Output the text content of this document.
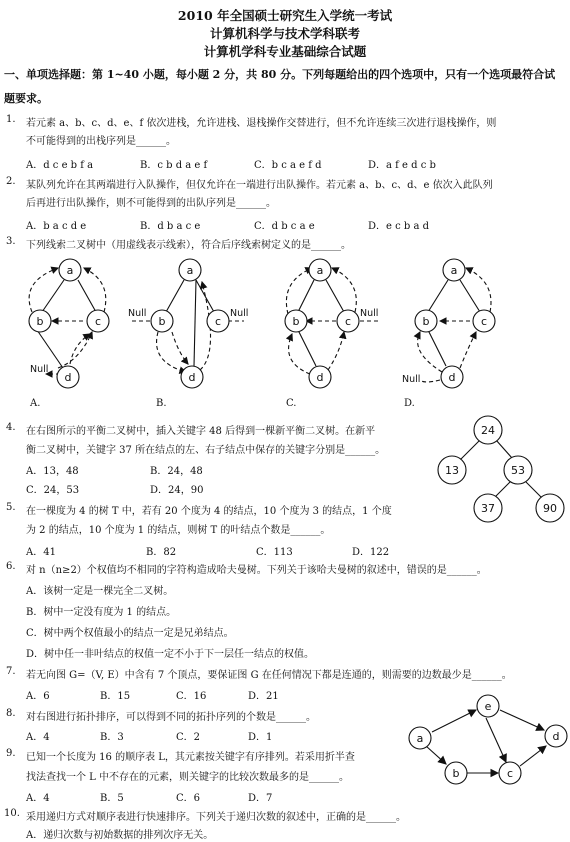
2010 年全国硕士研究生入学统一考试
计算机科学与技术学科联考
计算机学科专业基础综合试题
一、单项选择题：第 1~40 小题，每小题 2 分，共 80 分。下列每题给出的四个选项中，只有一个选项最符合试
题要求。
1. 若元素 a、b、c、d、e、f 依次进栈，允许进栈、退栈操作交替进行，但不允许连续三次进行退栈操作，则
不可能得到的出栈序列是______。
A．d c e b f a	B．c b d a e f	C．b c a e f d	D．a f e d c b
2. 某队列允许在其两端进行入队操作，但仅允许在一端进行出队操作。若元素 a、b、c、d、e 依次入此队列
后再进行出队操作，则不可能得到的出队序列是______。
A．b a c d e	B．d b a c e	C．d b c a e	D．e c b a d
3. 下列线索二叉树中（用虚线表示线索），符合后序线索树定义的是______。
a
b	c
d
a
b	c
d
a
b	c
d
a
b	c
d
Null
Null	Null	Null
Null
A.	B.	C.	D.
4. 在右图所示的平衡二叉树中，插入关键字 48 后得到一棵新平衡二叉树。在新平
衡二叉树中，关键字 37 所在结点的左、右子结点中保存的关键字分别是______。
A．13，48	B．24，48
C．24，53	D．24，90
24
13	53
37	90
5. 在一棵度为 4 的树 T 中，若有 20 个度为 4 的结点，10 个度为 3 的结点，1 个度
为 2 的结点，10 个度为 1 的结点，则树 T 的叶结点个数是______。
A．41	B．82	C．113	D．122
6. 对 n（n≥2）个权值均不相同的字符构造成哈夫曼树。下列关于该哈夫曼树的叙述中，错误的是______。
A．该树一定是一棵完全二叉树。
B．树中一定没有度为 1 的结点。
C．树中两个权值最小的结点一定是兄弟结点。
D．树中任一非叶结点的权值一定不小于下一层任一结点的权值。
7. 若无向图 G=（V, E）中含有 7 个顶点，要保证图 G 在任何情况下都是连通的，则需要的边数最少是______。
A．6	B．15	C．16	D．21
8. 对右图进行拓扑排序，可以得到不同的拓扑序列的个数是______。
A．4	B．3	C．2	D．1	a
b	c
d
e
9. 已知一个长度为 16 的顺序表 L，其元素按关键字有序排列。若采用折半查
找法查找一个 L 中不存在的元素，则关键字的比较次数最多的是______。
A．4	B．5	C．6	D．7
10. 采用递归方式对顺序表进行快速排序。下列关于递归次数的叙述中，正确的是______。
A．递归次数与初始数据的排列次序无关。
